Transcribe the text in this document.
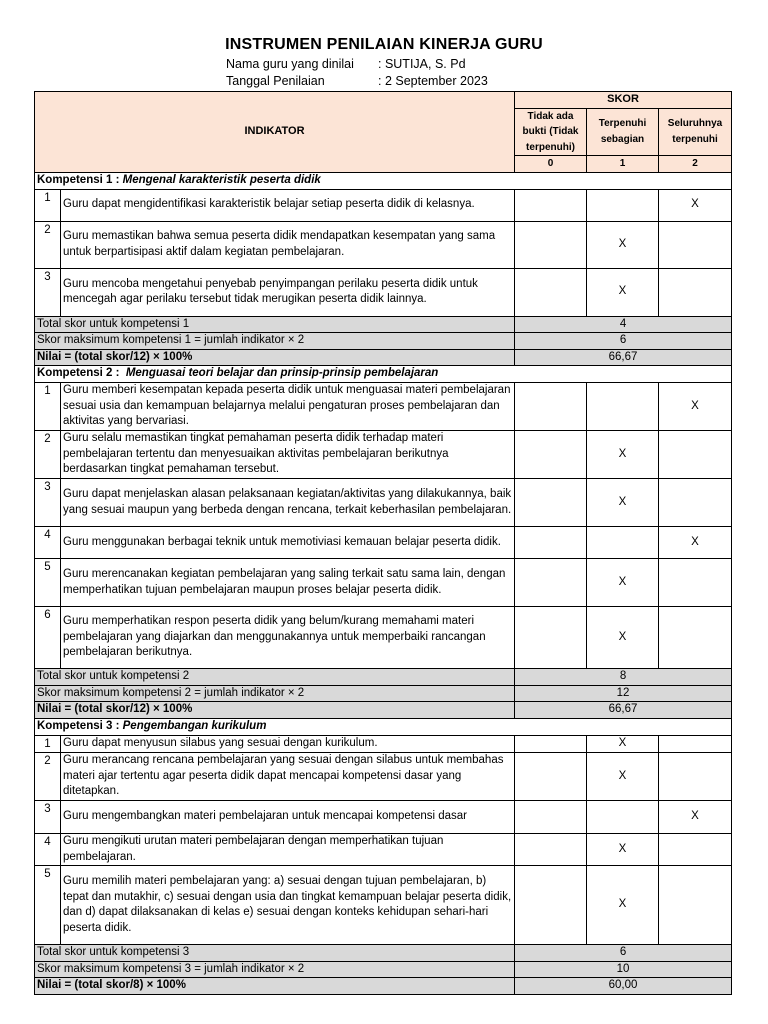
INSTRUMEN PENILAIAN KINERJA GURU
Nama guru yang dinilai : SUTIJA, S. Pd
Tanggal Penilaian	: 2 September 2023
INDIKATOR		SKOR		
		Tidak ada bukti (Tidak terpenuhi)	Terpenuhi sebagian	Seluruhnya terpenuhi
		0	1	2
Kompetensi 1 : Mengenal karakteristik peserta didik				
1	Guru dapat mengidentifikasi karakteristik belajar setiap peserta didik di kelasnya.			X
2	Guru memastikan bahwa semua peserta didik mendapatkan kesempatan yang sama untuk berpartisipasi aktif dalam kegiatan pembelajaran.		X	
3	Guru mencoba mengetahui penyebab penyimpangan perilaku peserta didik untuk mencegah agar perilaku tersebut tidak merugikan peserta didik lainnya.		X	
Total skor untuk kompetensi 1		4		
Skor maksimum kompetensi 1 = jumlah indikator × 2		6		
Nilai = (total skor/12) × 100%		66,67		
Kompetensi 2 :  Menguasai teori belajar dan prinsip-prinsip pembelajaran				
1	Guru memberi kesempatan kepada peserta didik untuk menguasai materi pembelajaran sesuai usia dan kemampuan belajarnya melalui pengaturan proses pembelajaran dan aktivitas yang bervariasi.			X
2	Guru selalu memastikan tingkat pemahaman peserta didik terhadap materi pembelajaran tertentu dan menyesuaikan aktivitas pembelajaran berikutnya berdasarkan tingkat pemahaman tersebut.		X	
3	Guru dapat menjelaskan alasan pelaksanaan kegiatan/aktivitas yang dilakukannya, baik yang sesuai maupun yang berbeda dengan rencana, terkait keberhasilan pembelajaran.		X	
4	Guru menggunakan berbagai teknik untuk memotiviasi kemauan belajar peserta didik.			X
5	Guru merencanakan kegiatan pembelajaran yang saling terkait satu sama lain, dengan memperhatikan tujuan pembelajaran maupun proses belajar peserta didik.		X	
6	Guru memperhatikan respon peserta didik yang belum/kurang memahami materi pembelajaran yang diajarkan dan menggunakannya untuk memperbaiki rancangan pembelajaran berikutnya.		X	
Total skor untuk kompetensi 2		8		
Skor maksimum kompetensi 2 = jumlah indikator × 2		12		
Nilai = (total skor/12) × 100%		66,67		
Kompetensi 3 : Pengembangan kurikulum				
1	Guru dapat menyusun silabus yang sesuai dengan kurikulum.		X	
2	Guru merancang rencana pembelajaran yang sesuai dengan silabus untuk membahas materi ajar tertentu agar peserta didik dapat mencapai kompetensi dasar yang ditetapkan.		X	
3	Guru mengembangkan materi pembelajaran untuk mencapai kompetensi dasar			X
4	Guru mengikuti urutan materi pembelajaran dengan memperhatikan tujuan pembelajaran.		X	
5	Guru memilih materi pembelajaran yang: a) sesuai dengan tujuan pembelajaran, b) tepat dan mutakhir, c) sesuai dengan usia dan tingkat kemampuan belajar peserta didik, dan d) dapat dilaksanakan di kelas e) sesuai dengan konteks kehidupan sehari-hari peserta didik.		X	
Total skor untuk kompetensi 3		6		
Skor maksimum kompetensi 3 = jumlah indikator × 2		10		
Nilai = (total skor/8) × 100%		60,00		
